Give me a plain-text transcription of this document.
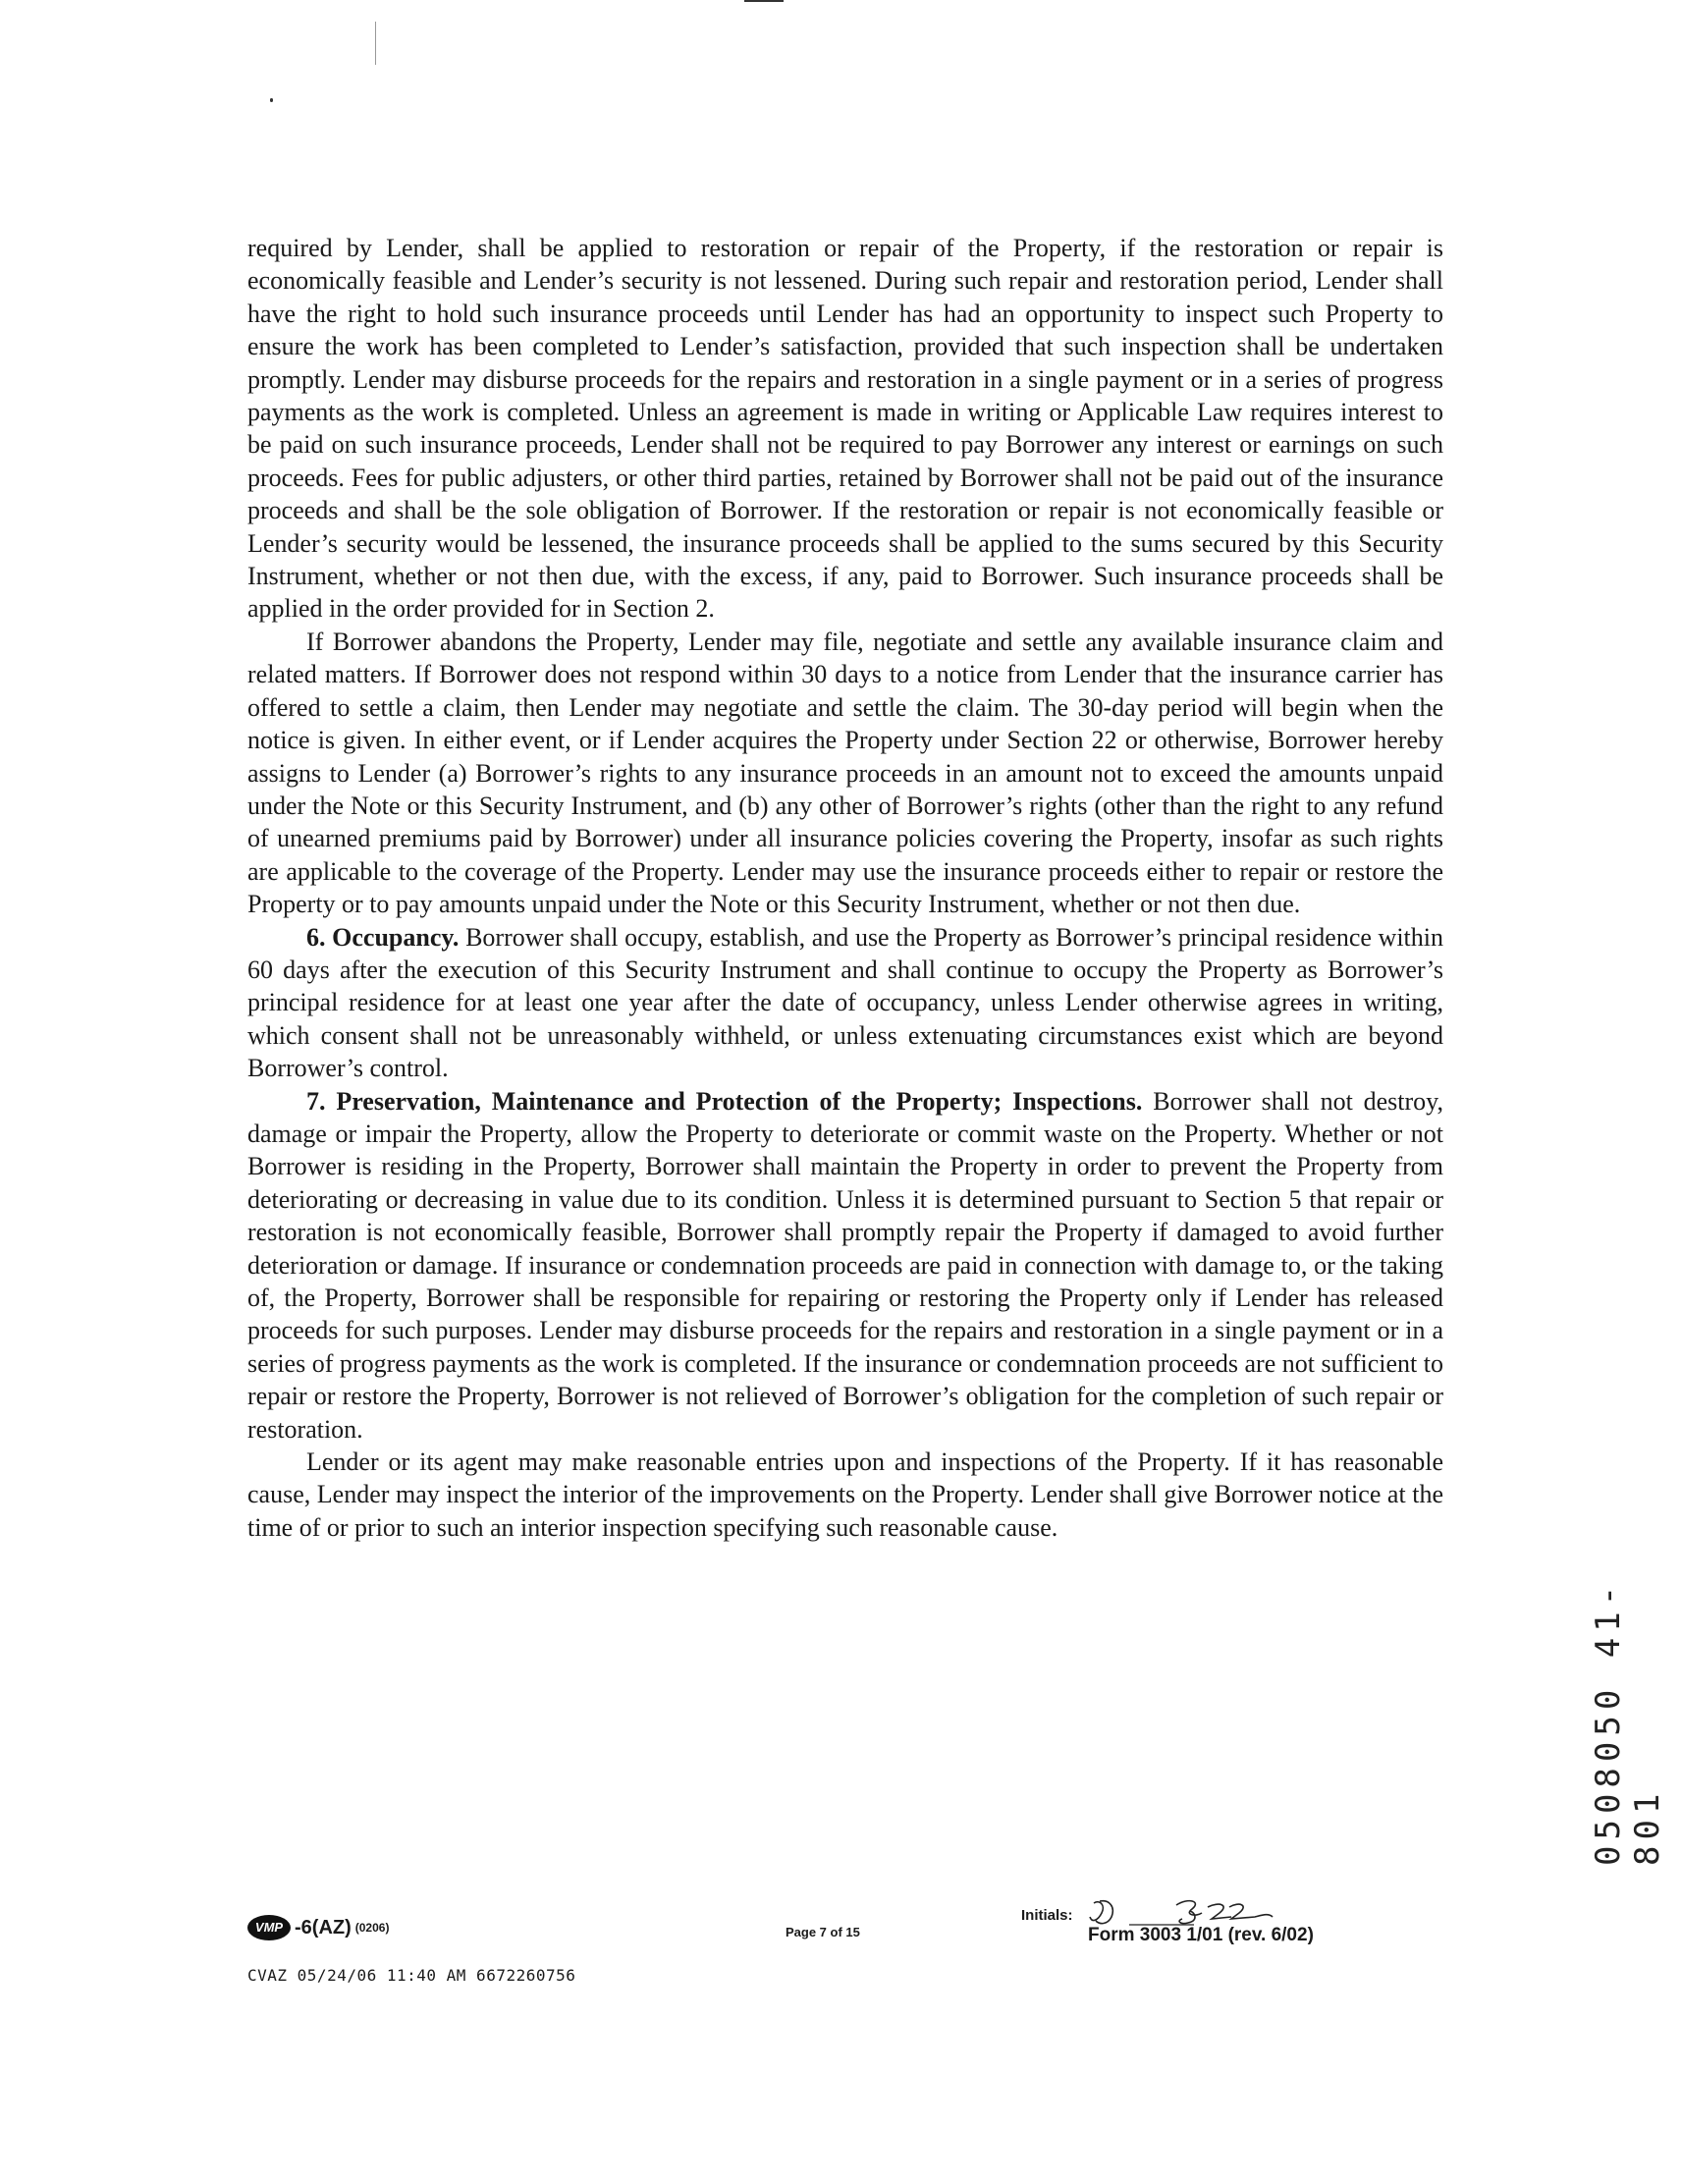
required by Lender, shall be applied to restoration or repair of the Property, if the restoration or repair is economically feasible and Lender’s security is not lessened. During such repair and restoration period, Lender shall have the right to hold such insurance proceeds until Lender has had an opportunity to inspect such Property to ensure the work has been completed to Lender’s satisfaction, provided that such inspection shall be undertaken promptly. Lender may disburse proceeds for the repairs and restoration in a single payment or in a series of progress payments as the work is completed. Unless an agreement is made in writing or Applicable Law requires interest to be paid on such insurance proceeds, Lender shall not be required to pay Borrower any interest or earnings on such proceeds. Fees for public adjusters, or other third parties, retained by Borrower shall not be paid out of the insurance proceeds and shall be the sole obligation of Borrower. If the restoration or repair is not economically feasible or Lender’s security would be lessened, the insurance proceeds shall be applied to the sums secured by this Security Instrument, whether or not then due, with the excess, if any, paid to Borrower. Such insurance proceeds shall be applied in the order provided for in Section 2.

If Borrower abandons the Property, Lender may file, negotiate and settle any available insurance claim and related matters. If Borrower does not respond within 30 days to a notice from Lender that the insurance carrier has offered to settle a claim, then Lender may negotiate and settle the claim. The 30-day period will begin when the notice is given. In either event, or if Lender acquires the Property under Section 22 or otherwise, Borrower hereby assigns to Lender (a) Borrower’s rights to any insurance proceeds in an amount not to exceed the amounts unpaid under the Note or this Security Instrument, and (b) any other of Borrower’s rights (other than the right to any refund of unearned premiums paid by Borrower) under all insurance policies covering the Property, insofar as such rights are applicable to the coverage of the Property. Lender may use the insurance proceeds either to repair or restore the Property or to pay amounts unpaid under the Note or this Security Instrument, whether or not then due.

6. Occupancy. Borrower shall occupy, establish, and use the Property as Borrower’s principal residence within 60 days after the execution of this Security Instrument and shall continue to occupy the Property as Borrower’s principal residence for at least one year after the date of occupancy, unless Lender otherwise agrees in writing, which consent shall not be unreasonably withheld, or unless extenuating circumstances exist which are beyond Borrower’s control.

7. Preservation, Maintenance and Protection of the Property; Inspections. Borrower shall not destroy, damage or impair the Property, allow the Property to deteriorate or commit waste on the Property. Whether or not Borrower is residing in the Property, Borrower shall maintain the Property in order to prevent the Property from deteriorating or decreasing in value due to its condition. Unless it is determined pursuant to Section 5 that repair or restoration is not economically feasible, Borrower shall promptly repair the Property if damaged to avoid further deterioration or damage. If insurance or condemnation proceeds are paid in connection with damage to, or the taking of, the Property, Borrower shall be responsible for repairing or restoring the Property only if Lender has released proceeds for such purposes. Lender may disburse proceeds for the repairs and restoration in a single payment or in a series of progress payments as the work is completed. If the insurance or condemnation proceeds are not sufficient to repair or restore the Property, Borrower is not relieved of Borrower’s obligation for the completion of such repair or restoration.

Lender or its agent may make reasonable entries upon and inspections of the Property. If it has reasonable cause, Lender may inspect the interior of the improvements on the Property. Lender shall give Borrower notice at the time of or prior to such an interior inspection specifying such reasonable cause.

0508050 41-801
VMP -6(AZ) (0206)
CVAZ 05/24/06 11:40 AM 6672260756
Page 7 of 15
Initials:
Form 3003 1/01 (rev. 6/02)
